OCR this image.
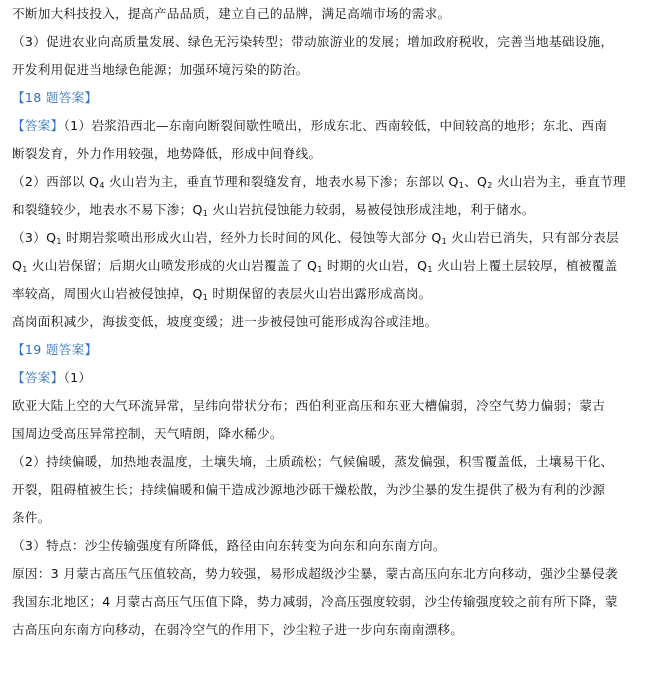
不断加大科技投入，提高产品品质，建立自己的品牌，满足高端市场的需求。
（3）促进农业向高质量发展、绿色无污染转型；带动旅游业的发展；增加政府税收，完善当地基础设施，
开发利用促进当地绿色能源；加强环境污染的防治。
【18 题答案】
【答案】（1）岩浆沿西北—东南向断裂间歇性喷出，形成东北、西南较低，中间较高的地形；东北、西南
断裂发育，外力作用较强，地势降低，形成中间脊线。
（2）西部以 $Q_4$ 火山岩为主，垂直节理和裂缝发育，地表水易下渗；东部以 $Q_1$、$Q_2$ 火山岩为主，垂直节理
和裂缝较少，地表水不易下渗；$Q_1$ 火山岩抗侵蚀能力较弱，易被侵蚀形成洼地，利于储水。
$(3)Q_1$ 时期岩浆喷出形成火山岩，经外力长时间的风化、侵蚀等大部分 $Q_1$ 火山岩已消失，只有部分表层
$Q_1$ 火山岩保留；后期火山喷发形成的火山岩覆盖了 $Q_1$ 时期的火山岩，$Q_1$ 火山岩上覆土层较厚，植被覆盖
率较高，周围火山岩被侵蚀掉，$Q_1$ 时期保留的表层火山岩出露形成高岗。
高岗面积减少，海拔变低，坡度变缓；进一步被侵蚀可能形成沟谷或洼地。
【19 题答案】
【答案】（1）
欧亚大陆上空的大气环流异常，呈纬向带状分布；西伯利亚高压和东亚大槽偏弱，冷空气势力偏弱；蒙古
国周边受高压异常控制，天气晴朗，降水稀少。
（2）持续偏暖，加热地表温度，土壤失墒，土质疏松；气候偏暖，蒸发偏强，积雪覆盖低，土壤易干化、
开裂，阻碍植被生长；持续偏暖和偏干造成沙源地沙砾干燥松散，为沙尘暴的发生提供了极为有利的沙源
条件。
（3）特点：沙尘传输强度有所降低，路径由向东转变为向东和向东南方向。
原因：3 月蒙古高压气压值较高，势力较强，易形成超级沙尘暴，蒙古高压向东北方向移动，强沙尘暴侵袭
我国东北地区；4 月蒙古高压气压值下降，势力减弱，冷高压强度较弱，沙尘传输强度较之前有所下降，蒙
古高压向东南方向移动，在弱冷空气的作用下，沙尘粒子进一步向东南南漂移。
